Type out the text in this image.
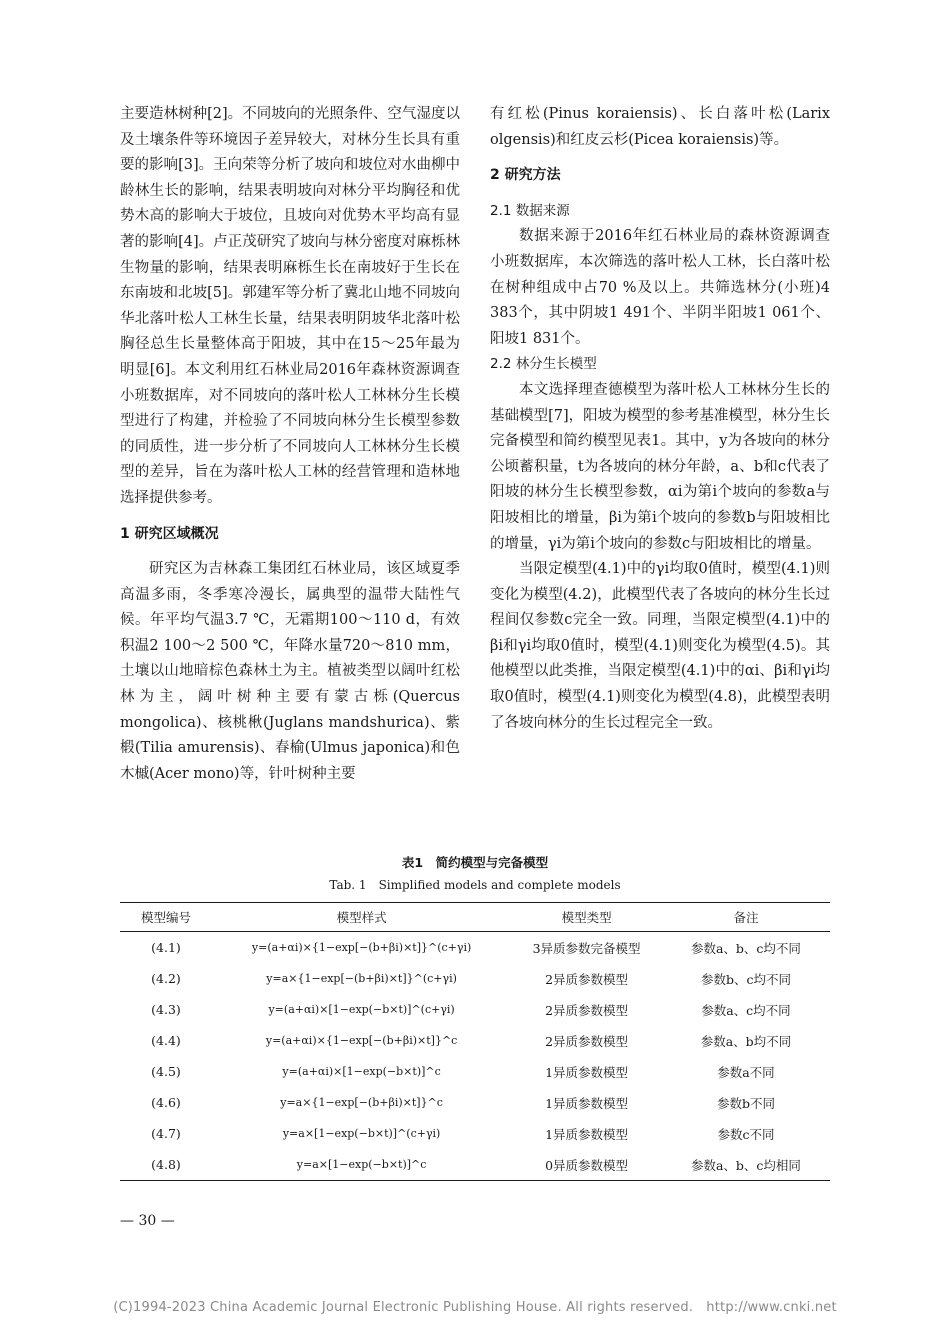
主要造林树种[2]。不同坡向的光照条件、空气湿度以及土壤条件等环境因子差异较大，对林分生长具有重要的影响[3]。王向荣等分析了坡向和坡位对水曲柳中龄林生长的影响，结果表明坡向对林分平均胸径和优势木高的影响大于坡位，且坡向对优势木平均高有显著的影响[4]。卢正茂研究了坡向与林分密度对麻栎林生物量的影响，结果表明麻栎生长在南坡好于生长在东南坡和北坡[5]。郭建军等分析了冀北山地不同坡向华北落叶松人工林生长量，结果表明阴坡华北落叶松胸径总生长量整体高于阳坡，其中在15～25年最为明显[6]。本文利用红石林业局2016年森林资源调查小班数据库，对不同坡向的落叶松人工林林分生长模型进行了构建，并检验了不同坡向林分生长模型参数的同质性，进一步分析了不同坡向人工林林分生长模型的差异，旨在为落叶松人工林的经营管理和造林地选择提供参考。

1 研究区域概况

研究区为吉林森工集团红石林业局，该区域夏季高温多雨，冬季寒冷漫长，属典型的温带大陆性气候。年平均气温3.7 ℃，无霜期100～110 d，有效积温2 100～2 500 ℃，年降水量720～810 mm，土壤以山地暗棕色森林土为主。植被类型以阔叶红松林为主，阔叶树种主要有蒙古栎(Quercus mongolica)、核桃楸(Juglans mandshurica)、紫椴(Tilia amurensis)、春榆(Ulmus japonica)和色木槭(Acer mono)等，针叶树种主要

有红松(Pinus koraiensis)、长白落叶松(Larix olgensis)和红皮云杉(Picea koraiensis)等。

2 研究方法

2.1 数据来源

数据来源于2016年红石林业局的森林资源调查小班数据库，本次筛选的落叶松人工林，长白落叶松在树种组成中占70 %及以上。共筛选林分(小班)4 383个，其中阴坡1 491个、半阴半阳坡1 061个、阳坡1 831个。

2.2 林分生长模型

本文选择理查德模型为落叶松人工林林分生长的基础模型[7]，阳坡为模型的参考基准模型，林分生长完备模型和简约模型见表1。其中，y为各坡向的林分公顷蓄积量，t为各坡向的林分年龄，a、b和c代表了阳坡的林分生长模型参数，αi为第i个坡向的参数a与阳坡相比的增量，βi为第i个坡向的参数b与阳坡相比的增量，γi为第i个坡向的参数c与阳坡相比的增量。

当限定模型(4.1)中的γi均取0值时，模型(4.1)则变化为模型(4.2)，此模型代表了各坡向的林分生长过程间仅参数c完全一致。同理，当限定模型(4.1)中的βi和γi均取0值时，模型(4.1)则变化为模型(4.5)。其他模型以此类推，当限定模型(4.1)中的αi、βi和γi均取0值时，模型(4.1)则变化为模型(4.8)，此模型表明了各坡向林分的生长过程完全一致。

表1　简约模型与完备模型
Tab. 1　Simplified models and complete models
模型编号	模型样式	模型类型	备注
(4.1)	y=(a+αi)×{1−exp[−(b+βi)×t]}^(c+γi)	3异质参数完备模型	参数a、b、c均不同
(4.2)	y=a×{1−exp[−(b+βi)×t]}^(c+γi)	2异质参数模型	参数b、c均不同
(4.3)	y=(a+αi)×[1−exp(−b×t)]^(c+γi)	2异质参数模型	参数a、c均不同
(4.4)	y=(a+αi)×{1−exp[−(b+βi)×t]}^c	2异质参数模型	参数a、b均不同
(4.5)	y=(a+αi)×[1−exp(−b×t)]^c	1异质参数模型	参数a不同
(4.6)	y=a×{1−exp[−(b+βi)×t]}^c	1异质参数模型	参数b不同
(4.7)	y=a×[1−exp(−b×t)]^(c+γi)	1异质参数模型	参数c不同
(4.8)	y=a×[1−exp(−b×t)]^c	0异质参数模型	参数a、b、c均相同
— 30 —
(C)1994-2023 China Academic Journal Electronic Publishing House. All rights reserved.　http://www.cnki.net
